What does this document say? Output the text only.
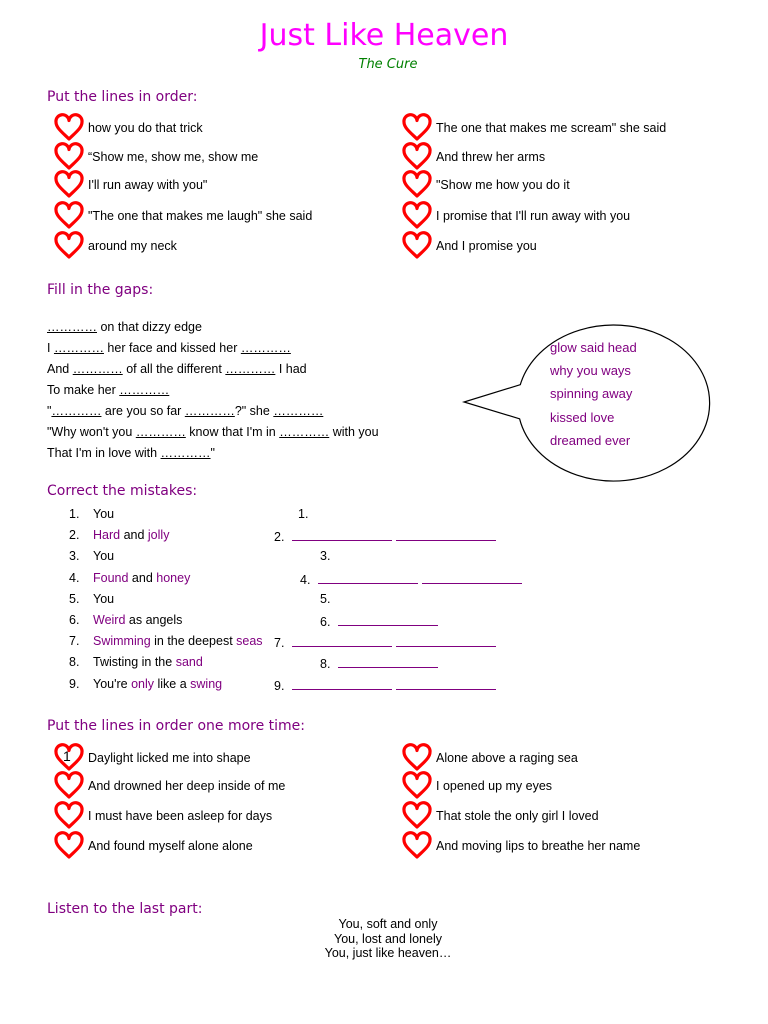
Just Like Heaven
The Cure
Put the lines in order:
how you do that trick
“Show me, show me, show me
I'll run away with you"
"The one that makes me laugh" she said
around my neck
The one that makes me scream" she said
And threw her arms
"Show me how you do it
I promise that I'll run away with you
And I promise you
Fill in the gaps:
………… on that dizzy edge
I ………… her face and kissed her …………
And ………… of all the different ………… I had
To make her …………
"………… are you so far …………?" she …………
"Why won't you ………… know that I'm in ………… with you
That I'm in love with …………"
glow said head
why you ways
spinning away
kissed love
dreamed ever
Correct the mistakes:
1. You	1.
2. Hard and jolly	2.
3. You	3.
4. Found and honey	4.
5. You	5.
6. Weird as angels	6.
7. Swimming in the deepest seas 7.
8. Twisting in the sand	8.
9. You're only like a swing	9.
Put the lines in order one more time:
1 Daylight licked me into shape
And drowned her deep inside of me
I must have been asleep for days
And found myself alone alone
Alone above a raging sea
I opened up my eyes
That stole the only girl I loved
And moving lips to breathe her name
Listen to the last part:
You, soft and only
You, lost and lonely
You, just like heaven…
